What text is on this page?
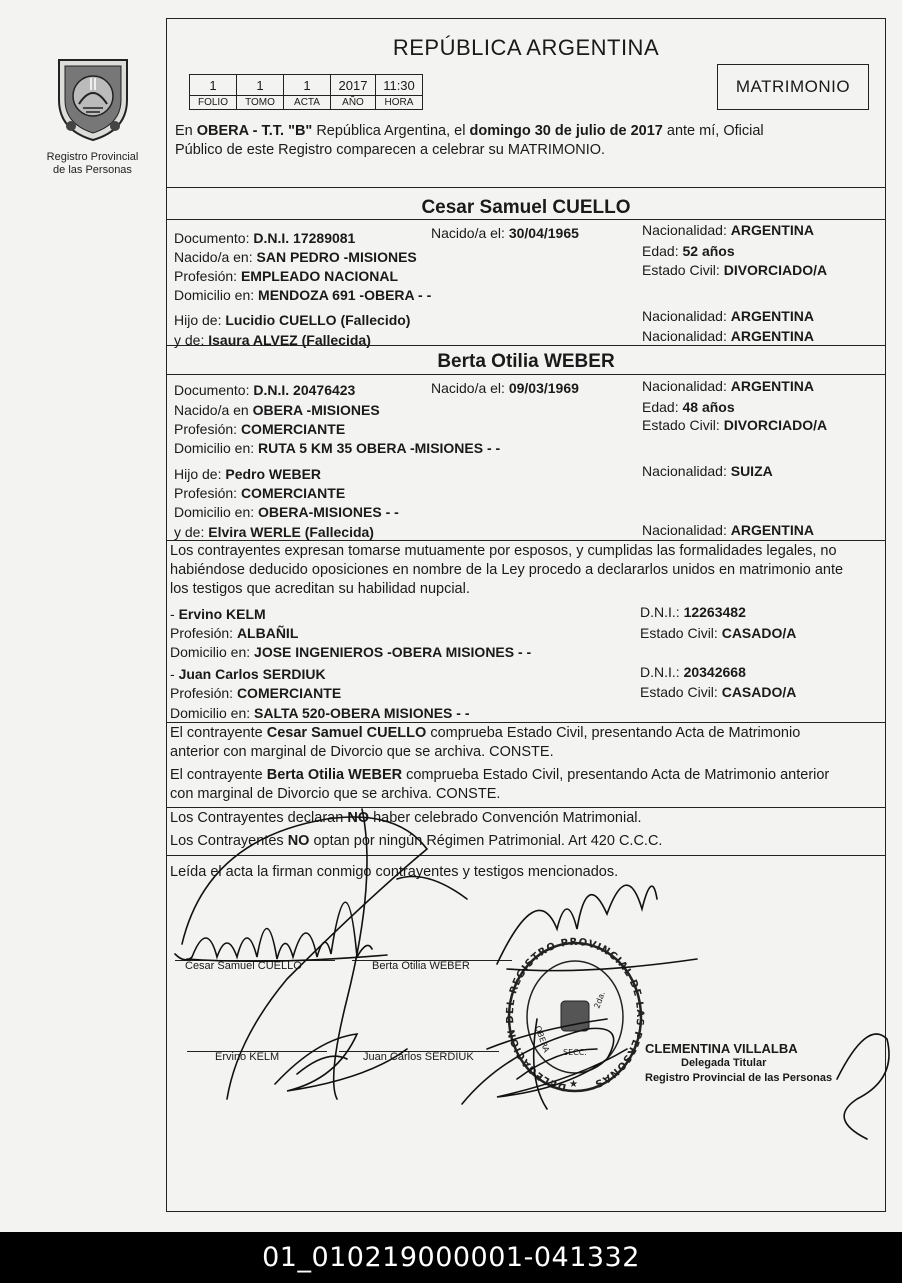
Registro Provincial
de las Personas
REPÚBLICA ARGENTINA
1	1	1	2017	11:30
FOLIO	TOMO	ACTA	AÑO	HORA
MATRIMONIO
En OBERA - T.T. "B" República Argentina, el domingo 30 de julio de 2017 ante mí, Oficial
Público de este Registro comparecen a celebrar su MATRIMONIO.
Cesar Samuel CUELLO
Documento: D.N.I. 17289081	Nacido/a el: 30/04/1965
Nacido/a en: SAN PEDRO -MISIONES
Profesión: EMPLEADO NACIONAL
Domicilio en: MENDOZA 691 -OBERA - -
Nacionalidad: ARGENTINA
Edad: 52 años
Estado Civil: DIVORCIADO/A
Hijo de: Lucidio CUELLO (Fallecido)	Nacionalidad: ARGENTINA
y de: Isaura ALVEZ (Fallecida)	Nacionalidad: ARGENTINA
Berta Otilia WEBER
Documento: D.N.I. 20476423	Nacido/a el: 09/03/1969
Nacido/a en OBERA -MISIONES
Profesión: COMERCIANTE
Domicilio en: RUTA 5 KM 35 OBERA -MISIONES - -
Nacionalidad: ARGENTINA
Edad: 48 años
Estado Civil: DIVORCIADO/A
Hijo de: Pedro WEBER	Nacionalidad: SUIZA
Profesión: COMERCIANTE
Domicilio en: OBERA-MISIONES - -
y de: Elvira WERLE (Fallecida)	Nacionalidad: ARGENTINA
Los contrayentes expresan tomarse mutuamente por esposos, y cumplidas las formalidades legales, no
habiéndose deducido oposiciones en nombre de la Ley procedo a declararlos unidos en matrimonio ante
los testigos que acreditan su habilidad nupcial.
- Ervino KELM
Profesión: ALBAÑIL
Domicilio en: JOSE INGENIEROS -OBERA MISIONES - -
D.N.I.: 12263482
Estado Civil: CASADO/A
- Juan Carlos SERDIUK
Profesión: COMERCIANTE
Domicilio en: SALTA 520-OBERA MISIONES - -
D.N.I.: 20342668
Estado Civil: CASADO/A
El contrayente Cesar Samuel CUELLO comprueba Estado Civil, presentando Acta de Matrimonio
anterior con marginal de Divorcio que se archiva. CONSTE.
El contrayente Berta Otilia WEBER comprueba Estado Civil, presentando Acta de Matrimonio anterior
con marginal de Divorcio que se archiva. CONSTE.
Los Contrayentes declaran NO haber celebrado Convención Matrimonial.
Los Contrayentes NO optan por ningún Régimen Patrimonial. Art 420 C.C.C.
Leída el acta la firman conmigo contrayentes y testigos mencionados.
Cesar Samuel CUELLO	Berta Otilia WEBER
Ervino KELM	Juan Carlos SERDIUK
DELEGACION DEL REGISTRO PROVINCIAL DE LAS PERSONAS
OBERA
2da.
SECC.
★
CLEMENTINA VILLALBA
Delegada Titular
Registro Provincial de las Personas
01_010219000001-041332
